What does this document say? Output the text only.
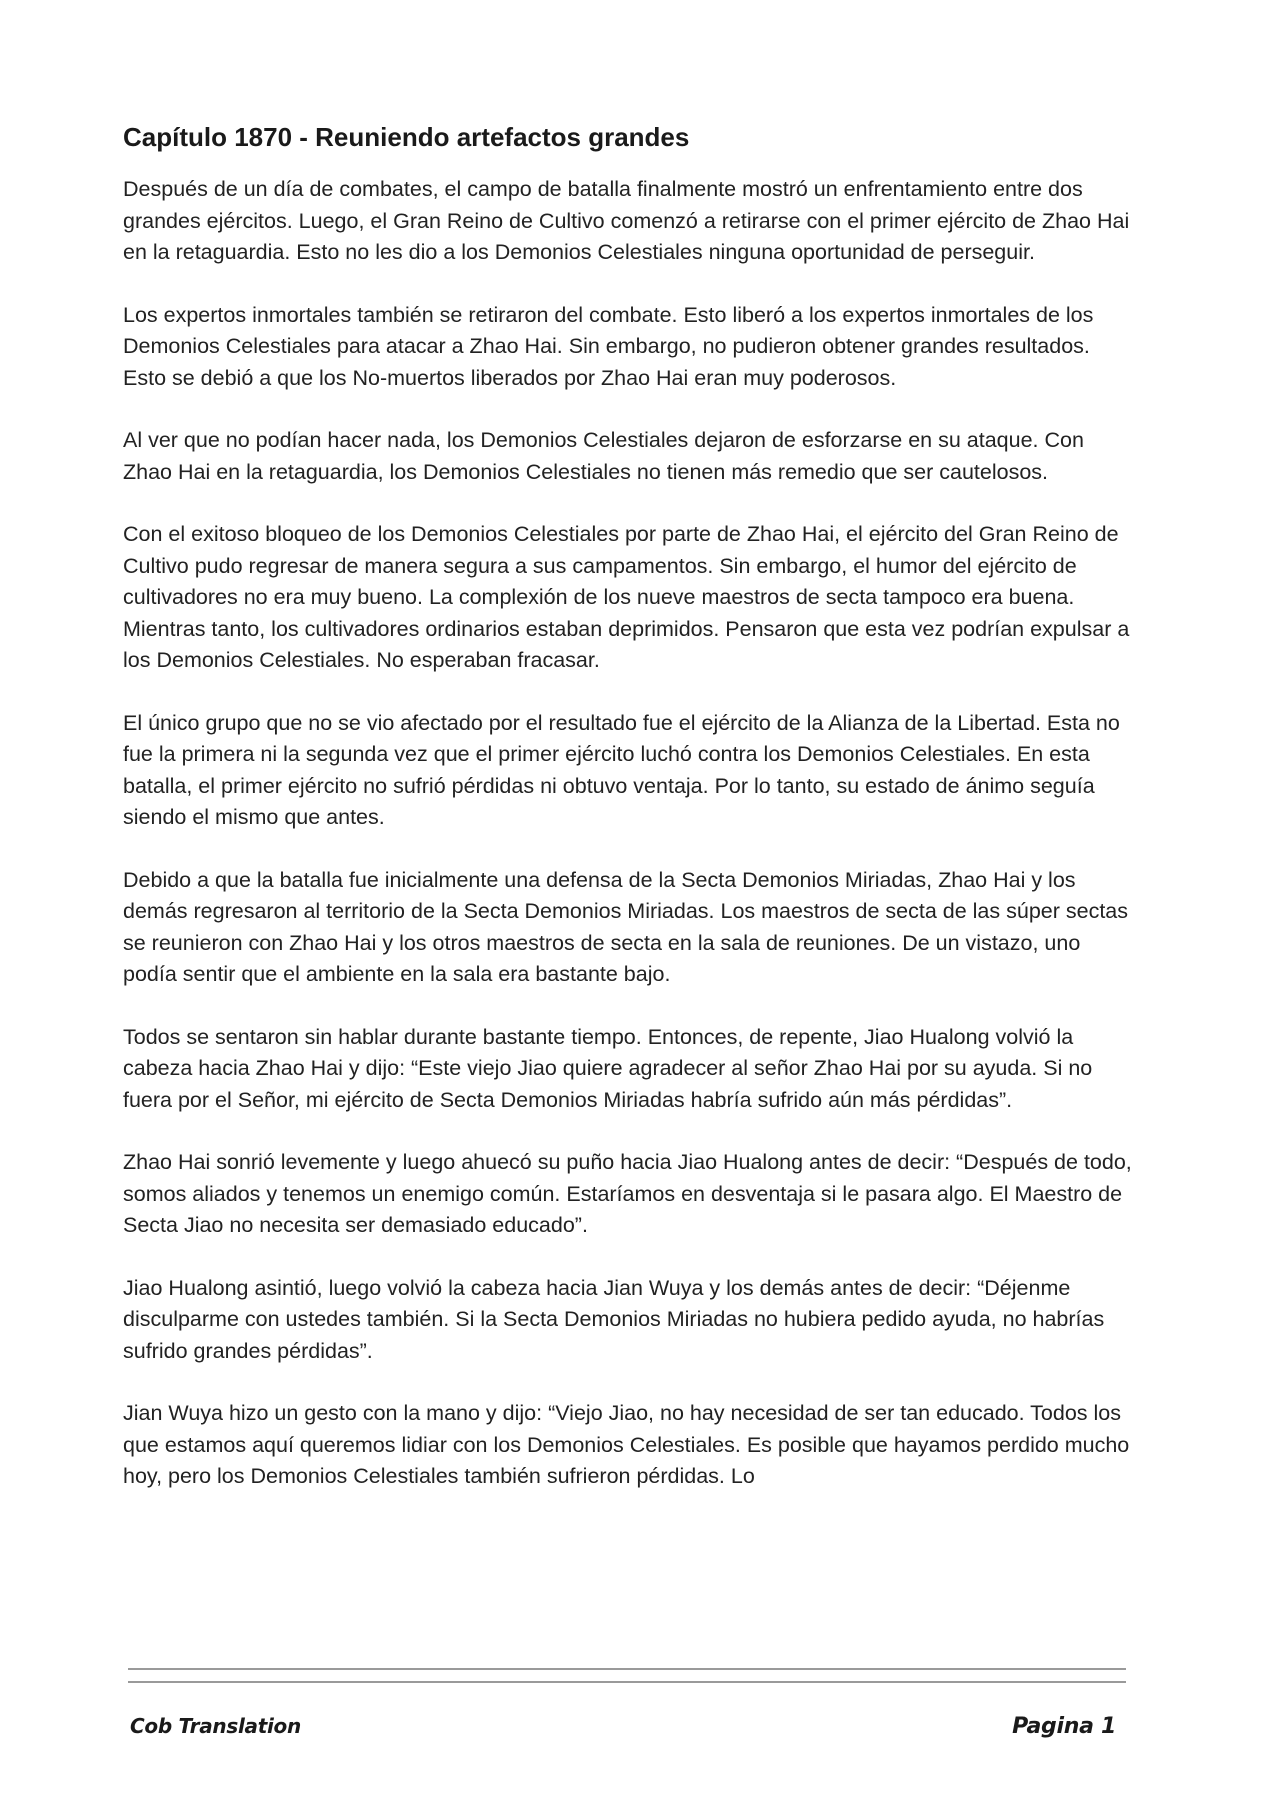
Capítulo 1870 - Reuniendo artefactos grandes

Después de un día de combates, el campo de batalla finalmente mostró un enfrentamiento entre dos grandes ejércitos. Luego, el Gran Reino de Cultivo comenzó a retirarse con el primer ejército de Zhao Hai en la retaguardia. Esto no les dio a los Demonios Celestiales ninguna oportunidad de perseguir.

Los expertos inmortales también se retiraron del combate. Esto liberó a los expertos inmortales de los Demonios Celestiales para atacar a Zhao Hai. Sin embargo, no pudieron obtener grandes resultados. Esto se debió a que los No-muertos liberados por Zhao Hai eran muy poderosos.

Al ver que no podían hacer nada, los Demonios Celestiales dejaron de esforzarse en su ataque. Con Zhao Hai en la retaguardia, los Demonios Celestiales no tienen más remedio que ser cautelosos.

Con el exitoso bloqueo de los Demonios Celestiales por parte de Zhao Hai, el ejército del Gran Reino de Cultivo pudo regresar de manera segura a sus campamentos. Sin embargo, el humor del ejército de cultivadores no era muy bueno. La complexión de los nueve maestros de secta tampoco era buena. Mientras tanto, los cultivadores ordinarios estaban deprimidos. Pensaron que esta vez podrían expulsar a los Demonios Celestiales. No esperaban fracasar.

El único grupo que no se vio afectado por el resultado fue el ejército de la Alianza de la Libertad. Esta no fue la primera ni la segunda vez que el primer ejército luchó contra los Demonios Celestiales. En esta batalla, el primer ejército no sufrió pérdidas ni obtuvo ventaja. Por lo tanto, su estado de ánimo seguía siendo el mismo que antes.

Debido a que la batalla fue inicialmente una defensa de la Secta Demonios Miriadas, Zhao Hai y los demás regresaron al territorio de la Secta Demonios Miriadas. Los maestros de secta de las súper sectas se reunieron con Zhao Hai y los otros maestros de secta en la sala de reuniones. De un vistazo, uno podía sentir que el ambiente en la sala era bastante bajo.

Todos se sentaron sin hablar durante bastante tiempo. Entonces, de repente, Jiao Hualong volvió la cabeza hacia Zhao Hai y dijo: “Este viejo Jiao quiere agradecer al señor Zhao Hai por su ayuda. Si no fuera por el Señor, mi ejército de Secta Demonios Miriadas habría sufrido aún más pérdidas”.

Zhao Hai sonrió levemente y luego ahuecó su puño hacia Jiao Hualong antes de decir: “Después de todo, somos aliados y tenemos un enemigo común. Estaríamos en desventaja si le pasara algo. El Maestro de Secta Jiao no necesita ser demasiado educado”.

Jiao Hualong asintió, luego volvió la cabeza hacia Jian Wuya y los demás antes de decir: “Déjenme disculparme con ustedes también. Si la Secta Demonios Miriadas no hubiera pedido ayuda, no habrías sufrido grandes pérdidas”.

Jian Wuya hizo un gesto con la mano y dijo: “Viejo Jiao, no hay necesidad de ser tan educado. Todos los que estamos aquí queremos lidiar con los Demonios Celestiales. Es posible que hayamos perdido mucho hoy, pero los Demonios Celestiales también sufrieron pérdidas. Lo

Cob Translation	Pagina 1
